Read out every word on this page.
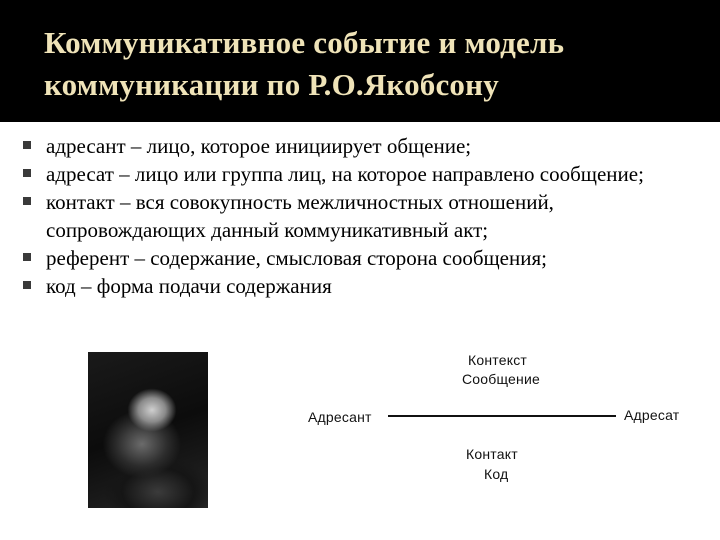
Коммуникативное событие и модель
коммуникации по Р.О.Якобсону
адресант – лицо, которое инициирует общение;
адресат – лицо или группа лиц, на которое направлено сообщение;
контакт – вся совокупность межличностных отношений, сопровождающих данный коммуникативный акт;
референт – содержание, смысловая сторона сообщения;
код – форма подачи содержания
Контекст
Сообщение
Адресант	Адресат
Контакт
Код
